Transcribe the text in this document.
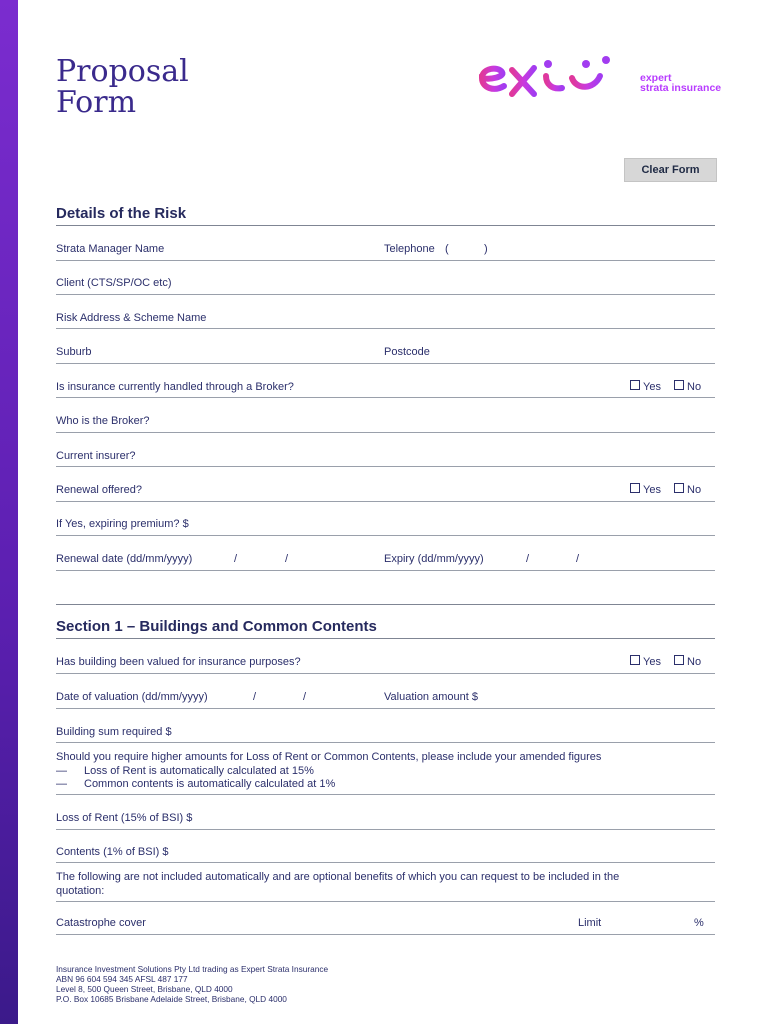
Proposal
Form
expert
strata insurance
Clear Form
Details of the Risk
Strata Manager Name	Telephone (	)
Client (CTS/SP/OC etc)
Risk Address & Scheme Name
Suburb	Postcode
Is insurance currently handled through a Broker?	Yes No
Who is the Broker?
Current insurer?
Renewal offered?	Yes No
If Yes, expiring premium? $
Renewal date (dd/mm/yyyy)	/	/	Expiry (dd/mm/yyyy)	/	/
Section 1 – Buildings and Common Contents
Has building been valued for insurance purposes?	Yes No
Date of valuation (dd/mm/yyyy)	/	/	Valuation amount $
Building sum required $
Should you require higher amounts for Loss of Rent or Common Contents, please include your amended figures
— Loss of Rent is automatically calculated at 15%
— Common contents is automatically calculated at 1%
Loss of Rent (15% of BSI) $
Contents (1% of BSI) $
The following are not included automatically and are optional benefits of which you can request to be included in the
quotation:
Catastrophe cover	Limit	%
Insurance Investment Solutions Pty Ltd trading as Expert Strata Insurance
ABN 96 604 594 345 AFSL 487 177
Level 8, 500 Queen Street, Brisbane, QLD 4000
P.O. Box 10685 Brisbane Adelaide Street, Brisbane, QLD 4000
